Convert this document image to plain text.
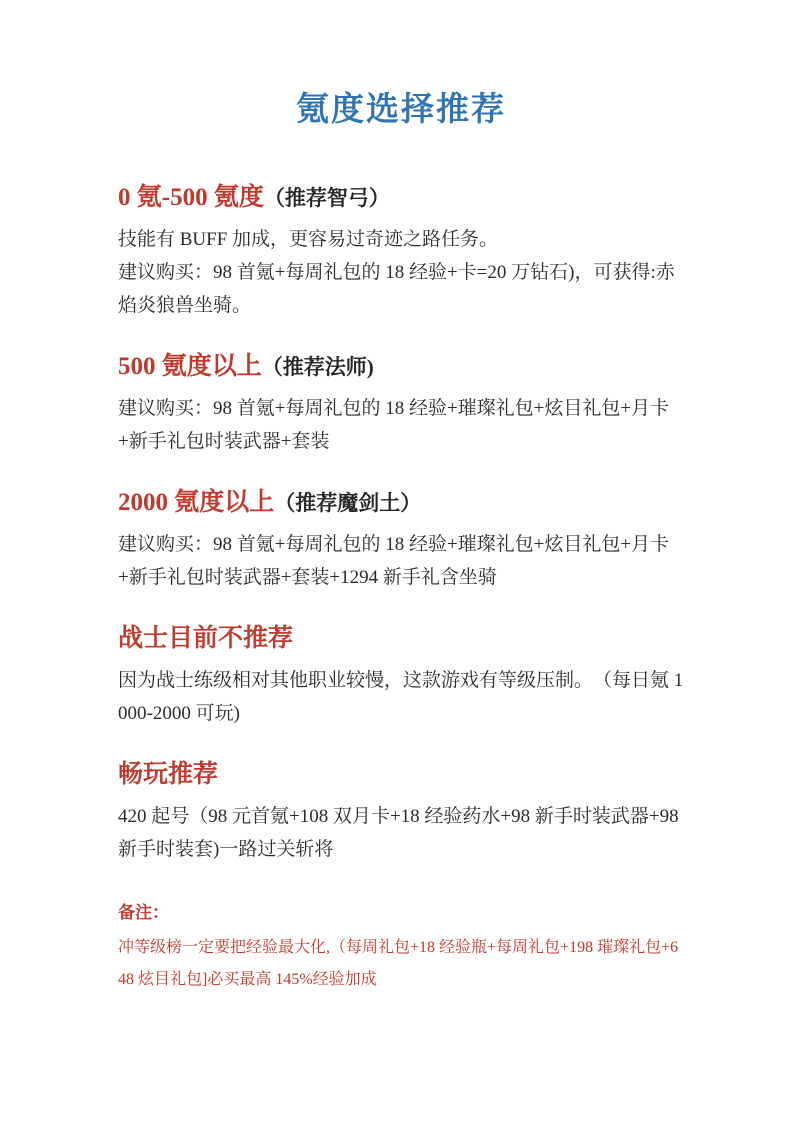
氪度选择推荐
0 氪-500 氪度（推荐智弓）

技能有 BUFF 加成，更容易过奇迹之路任务。

建议购买：98 首氪+每周礼包的 18 经验+卡=20 万钻石)，可获得:赤焰炎狼兽坐骑。

500 氪度以上（推荐法师)

建议购买：98 首氪+每周礼包的 18 经验+璀璨礼包+炫目礼包+月卡+新手礼包时装武器+套装

2000 氪度以上（推荐魔剑土）

建议购买：98 首氪+每周礼包的 18 经验+璀璨礼包+炫目礼包+月卡+新手礼包时装武器+套装+1294 新手礼含坐骑

战士目前不推荐

因为战士练级相对其他职业较慢，这款游戏有等级压制。　（每日氪 1000-2000 可玩)

畅玩推荐

420 起号（98 元首氪+108 双月卡+18 经验药水+98 新手时装武器+98 新手时装套)一路过关斩将

备注：

冲等级榜一定要把经验最大化,（每周礼包+18 经验瓶+每周礼包+198 璀璨礼包+648 炫目礼包]必买最高 145%经验加成
